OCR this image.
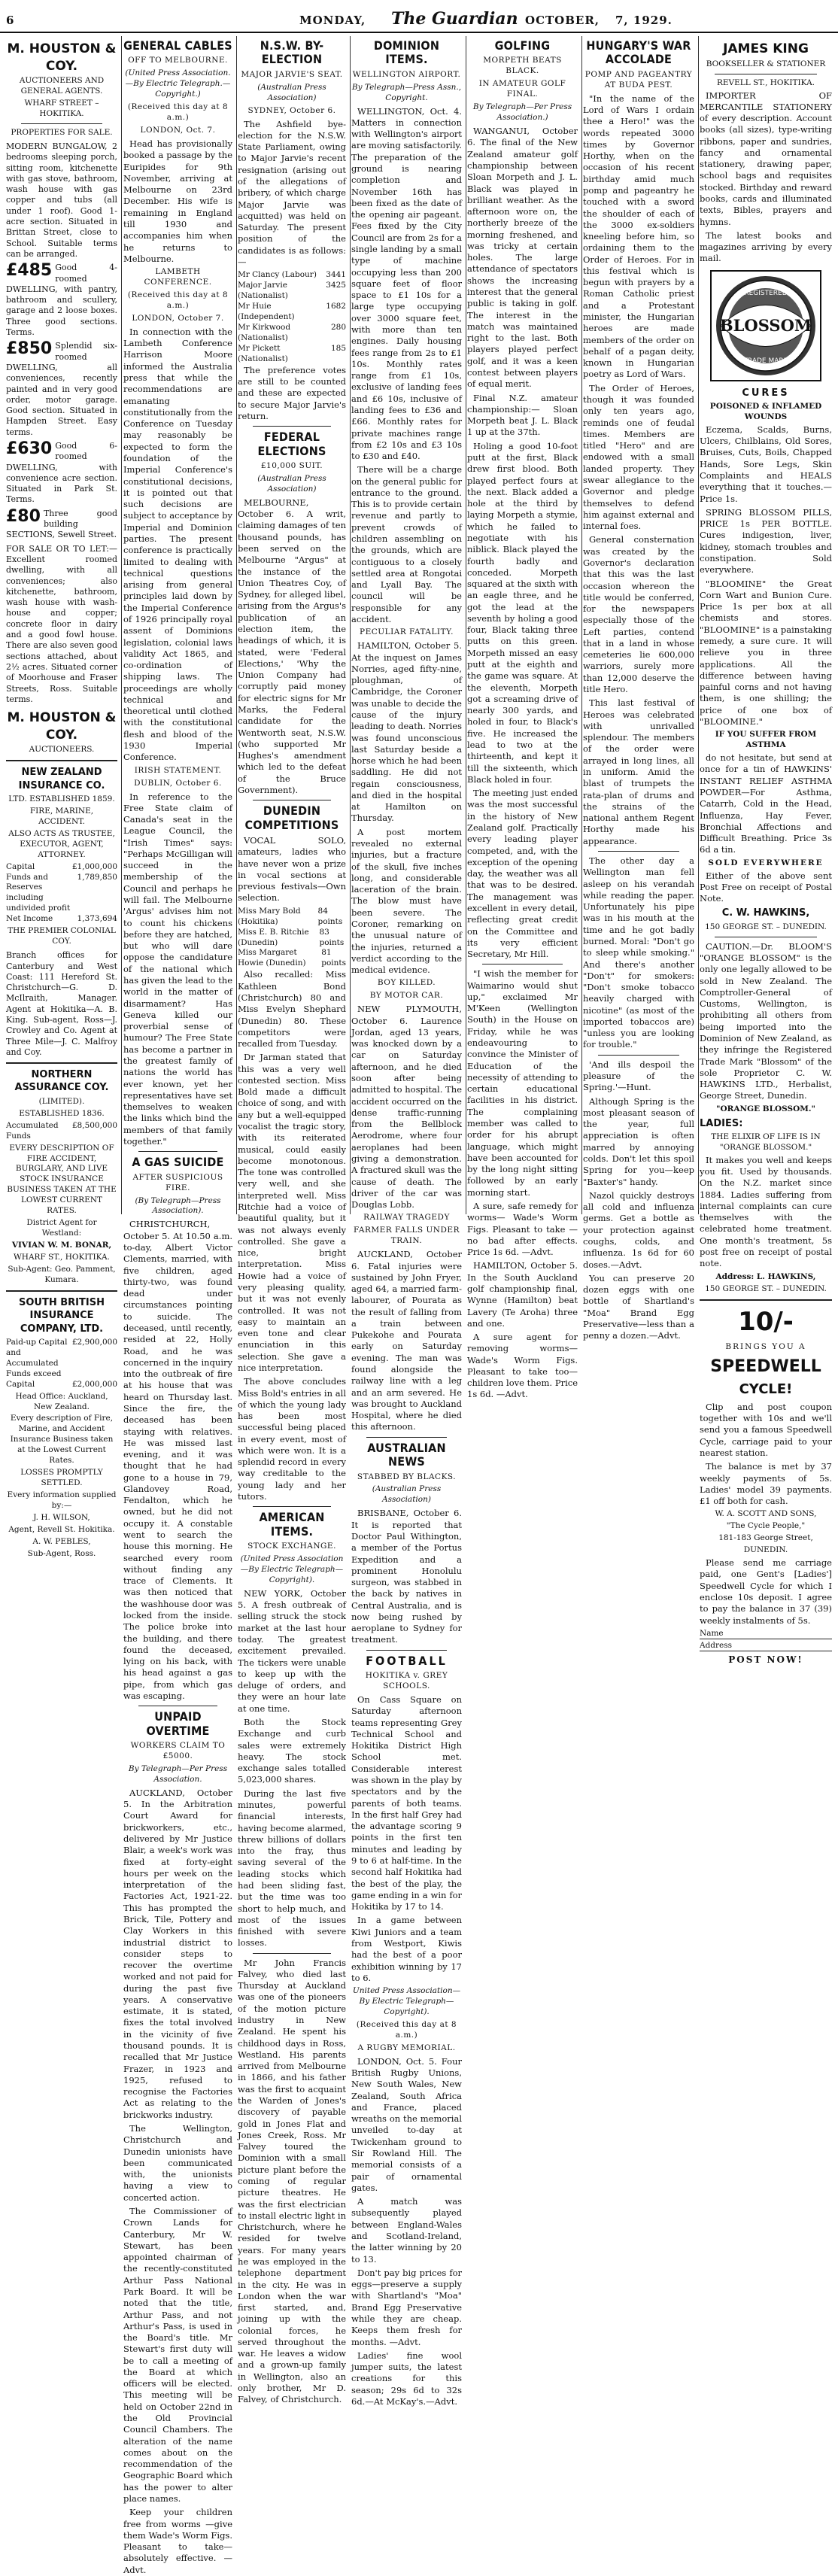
6	MONDAY, The Guardian OCTOBER, 7, 1929.
M. HOUSTON & COY.
AUCTIONEERS AND GENERAL AGENTS.
WHARF STREET – HOKITIKA.
PROPERTIES FOR SALE.
MODERN BUNGALOW, 2 bedrooms sleeping porch, sitting room, kitchenette with gas stove, bathroom, wash house with gas copper and tubs (all under 1 roof). Good 1-acre section. Situated in Brittan Street, close to School. Suitable terms can be arranged.
£485 Good 4-roomed DWELLING, with pantry, bathroom and scullery, garage and 2 loose boxes. Three good sections. Terms.
£850 Splendid six-roomed DWELLING, all conveniences, recently painted and in very good order, motor garage. Good section. Situated in Hampden Street. Easy terms.
£630 Good 6-roomed DWELLING, with convenience acre section. Situated in Park St. Terms.
£80 Three good building SECTIONS, Sewell Street.
FOR SALE OR TO LET:—Excellent roomed dwelling, with all conveniences; also kitchenette, bathroom, wash house with wash-house and copper; concrete floor in dairy and a good fowl house. There are also seven good sections attached, about 2½ acres. Situated corner of Moorhouse and Fraser Streets, Ross. Suitable terms.
M. HOUSTON & COY.
AUCTIONEERS.
NEW ZEALAND INSURANCE CO.
LTD. ESTABLISHED 1859.
FIRE, MARINE, ACCIDENT.
ALSO ACTS AS TRUSTEE, EXECUTOR, AGENT, ATTORNEY.
Capital	£1,000,000
Funds and Reserves including undivided profit
1,789,850
Net Income	1,373,694
THE PREMIER COLONIAL COY.
Branch offices for Canterbury and West Coast: 111 Hereford St. Christchurch—G. D. McIlraith, Manager. Agent at Hokitika—A. B. King. Sub-agent, Ross—J. Crowley and Co. Agent at Three Mile—J. C. Malfroy and Coy.
NORTHERN ASSURANCE COY.
(LIMITED).
ESTABLISHED 1836.
Accumulated Funds
£8,500,000
EVERY DESCRIPTION OF FIRE ACCIDENT, BURGLARY, AND LIVE STOCK INSURANCE BUSINESS TAKEN AT THE LOWEST CURRENT RATES.
District Agent for Westland:
VIVIAN W. M. BONAR,
WHARF ST., HOKITIKA.
Sub-Agent: Geo. Pamment, Kumara.
SOUTH BRITISH INSURANCE COMPANY, LTD.
Paid-up Capital and Accumulated Funds exceed
£2,900,000
Capital	£2,000,000
Head Office: Auckland, New Zealand.
Every description of Fire, Marine, and Accident Insurance Business taken at the Lowest Current Rates.
LOSSES PROMPTLY SETTLED.
Every information supplied by:—
J. H. WILSON,
Agent, Revell St. Hokitika.
A. W. PEBLES,
Sub-Agent, Ross.
GENERAL CABLES
OFF TO MELBOURNE.
(United Press Association.—By Electric Telegraph.—Copyright.)
(Received this day at 8 a.m.)
LONDON, Oct. 7.

Head has provisionally booked a passage by the Euripides for 9th November, arriving at Melbourne on 23rd December. His wife is remaining in England till 1930 and accompanies him when he returns to Melbourne.

LAMBETH CONFERENCE.
(Received this day at 8 a.m.)
LONDON, October 7.

In connection with the Lambeth Conference Harrison Moore informed the Australia press that while the recommendations are emanating constitutionally from the Conference on Tuesday may reasonably be expected to form the foundation of the Imperial Conference's constitutional decisions, it is pointed out that such decisions are subject to acceptance by Imperial and Dominion parties. The present conference is practically limited to dealing with technical questions arising from general principles laid down by the Imperial Conference of 1926 principally royal assent of Dominions legislation, colonial laws validity Act 1865, and co-ordination of shipping laws. The proceedings are wholly technical and theoretical until clothed with the constitutional flesh and blood of the 1930 Imperial Conference.

IRISH STATEMENT.
DUBLIN, October 6.

In reference to the Free State claim of Canada's seat in the League Council, the "Irish Times" says: "Perhaps McGilligan will succeed in the membership of the Council and perhaps he will fail. The Melbourne 'Argus' advises him not to count his chickens before they are hatched, but who will dare oppose the candidature of the national which has given the lead to the world in the matter of disarmament? Has Geneva killed our proverbial sense of humour? The Free State has become a partner in the greatest family of nations the world has ever known, yet her representatives have set themselves to weaken the links which bind the members of that family together."

A GAS SUICIDE
AFTER SUSPICIOUS FIRE.
(By Telegraph—Press Association).

CHRISTCHURCH, October 5. At 10.50 a.m. to-day, Albert Victor Clements, married, with five children, aged thirty-two, was found dead under circumstances pointing to suicide. The deceased, until recently, resided at 22, Holly Road, and he was concerned in the inquiry into the outbreak of fire at his house that was heard on Thursday last. Since the fire, the deceased has been staying with relatives. He was missed last evening, and it was thought that he had gone to a house in 79, Glandovey Road, Fendalton, which he owned, but he did not occupy it. A constable went to search the house this morning. He searched every room without finding any trace of Clements. It was then noticed that the washhouse door was locked from the inside. The police broke into the building, and there found the deceased, lying on his back, with his head against a gas pipe, from which gas was escaping.

UNPAID OVERTIME
WORKERS CLAIM TO £5000.
By Telegraph—Per Press Association.

AUCKLAND, October 5. In the Arbitration Court Award for brickworkers, etc., delivered by Mr Justice Blair, a week's work was fixed at forty-eight hours per week on the interpretation of the Factories Act, 1921-22. This has prompted the Brick, Tile, Pottery and Clay Workers in this industrial district to consider steps to recover the overtime worked and not paid for during the past five years. A conservative estimate, it is stated, fixes the total involved in the vicinity of five thousand pounds. It is recalled that Mr Justice Frazer, in 1923 and 1925, refused to recognise the Factories Act as relating to the brickworks industry.

The Wellington, Christchurch and Dunedin unionists have been communicated with, the unionists having a view to concerted action.

The Commissioner of Crown Lands for Canterbury, Mr W. Stewart, has been appointed chairman of the recently-constituted Arthur Pass National Park Board. It will be noted that the title, Arthur Pass, and not Arthur's Pass, is used in the Board's title. Mr Stewart's first duty will be to call a meeting of the Board at which officers will be elected. This meeting will be held on October 22nd in the Old Provincial Council Chambers. The alteration of the name comes about on the recommendation of the Geographic Board which has the power to alter place names.

Keep your children free from worms —give them Wade's Worm Figs. Pleasant to take—absolutely effective. —Advt.

N.S.W. BY-ELECTION
MAJOR JARVIE'S SEAT.
(Australian Press Association)
SYDNEY, October 6.

The Ashfield bye-election for the N.S.W. State Parliament, owing to Major Jarvie's recent resignation (arising out of the allegations of bribery, of which charge Major Jarvie was acquitted) was held on Saturday. The present position of the candidates is as follows:—

Mr Clancy (Labour) 3441
Major Jarvie (Nationalist)
3425
Mr Huie (Independent)
1682
Mr Kirkwood (Nationalist)
280
Mr Pickett (Nationalist)
185

The preference votes are still to be counted and these are expected to secure Major Jarvie's return.

FEDERAL ELECTIONS
£10,000 SUIT.
(Australian Press Association)

MELBOURNE, October 6. A writ, claiming damages of ten thousand pounds, has been served on the Melbourne "Argus" at the instance of the Union Theatres Coy, of Sydney, for alleged libel, arising from the Argus's publication of an election item, the headings of which, it is stated, were 'Federal Elections,' 'Why the Union Company had corruptly paid money for electric signs for Mr Marks, the Federal candidate for the Wentworth seat, N.S.W. (who supported Mr Hughes's amendment which led to the defeat of the Bruce Government).

DUNEDIN COMPETITIONS

VOCAL SOLO, amateurs, ladies who have never won a prize in vocal sections at previous festivals—Own selection.

Miss Mary Bold (Hokitika)
84 points
Miss E. B. Ritchie (Dunedin)
83 points
Miss Margaret Howie (Dunedin)
81 points

Also recalled: Miss Kathleen Bond (Christchurch) 80 and Miss Evelyn Shephard (Dunedin) 80. These competitors were recalled from Tuesday.

Dr Jarman stated that this was a very well contested section. Miss Bold made a difficult choice of song, and with any but a well-equipped vocalist the tragic story, with its reiterated musical, could easily become monotonous. The tone was controlled very well, and she interpreted well. Miss Ritchie had a voice of beautiful quality, but it was not always evenly controlled. She gave a nice, bright interpretation. Miss Howie had a voice of very pleasing quality, but it was not evenly controlled. It was not easy to maintain an even tone and clear enunciation in this selection. She gave a nice interpretation.

The above concludes Miss Bold's entries in all of which the young lady has been most successful being placed in every event, most of which were won. It is a splendid record in every way creditable to the young lady and her tutors.

AMERICAN ITEMS.
STOCK EXCHANGE.
(United Press Association—By Electric Telegraph—Copyright).

NEW YORK, October 5. A fresh outbreak of selling struck the stock market at the last hour today. The greatest excitement prevailed. The tickers were unable to keep up with the deluge of orders, and they were an hour late at one time.

Both the Stock Exchange and curb sales were extremely heavy. The stock exchange sales totalled 5,023,000 shares.

During the last five minutes, powerful financial interests, having become alarmed, threw billions of dollars into the fray, thus saving several of the leading stocks which had been sliding fast, but the time was too short to help much, and most of the issues finished with severe losses.

Mr John Francis Falvey, who died last Thursday at Auckland was one of the pioneers of the motion picture industry in New Zealand. He spent his childhood days in Ross, Westland. His parents arrived from Melbourne in 1866, and his father was the first to acquaint the Warden of Jones's discovery of payable gold in Jones Flat and Jones Creek, Ross. Mr Falvey toured the Dominion with a small picture plant before the coming of regular picture theatres. He was the first electrician to install electric light in Christchurch, where he resided for twelve years. For many years he was employed in the telephone department in the city. He was in London when the war first started, and, joining up with the colonial forces, he served throughout the war. He leaves a widow and a grown-up family in Wellington, also an only brother, Mr D. Falvey, of Christchurch.

DOMINION ITEMS.
WELLINGTON AIRPORT.
By Telegraph—Press Assn., Copyright.

WELLINGTON, Oct. 4. Matters in connection with Wellington's airport are moving satisfactorily. The preparation of the ground is nearing completion and November 16th has been fixed as the date of the opening air pageant. Fees fixed by the City Council are from 2s for a single landing by a small type of machine occupying less than 200 square feet of floor space to £1 10s for a large type occupying over 3000 square feet, with more than ten engines. Daily housing fees range from 2s to £1 10s. Monthly rates range from £1 10s, exclusive of landing fees and £6 10s, inclusive of landing fees to £36 and £66. Monthly rates for private machines range from £2 10s and £3 10s to £30 and £40.

There will be a charge on the general public for entrance to the ground. This is to provide certain revenue and partly to prevent crowds of children assembling on the grounds, which are contiguous to a closely settled area at Rongotai and Lyall Bay. The council will be responsible for any accident.

PECULIAR FATALITY.

HAMILTON, October 5. At the inquest on James Norries, aged fifty-nine, ploughman, of Cambridge, the Coroner was unable to decide the cause of the injury leading to death. Norries was found unconscious last Saturday beside a horse which he had been saddling. He did not regain consciousness, and died in the hospital at Hamilton on Thursday.

A post mortem revealed no external injuries, but a fracture of the skull, five inches long, and considerable laceration of the brain. The blow must have been severe. The Coroner, remarking on the unusual nature of the injuries, returned a verdict according to the medical evidence.

BOY KILLED.
BY MOTOR CAR.

NEW PLYMOUTH, October 6. Laurence Jordan, aged 13 years, was knocked down by a car on Saturday afternoon, and he died soon after being admitted to hospital. The accident occurred on the dense traffic-running from the Bellblock Aerodrome, where four aeroplanes had been giving a demonstration. A fractured skull was the cause of death. The driver of the car was Douglas Lobb.

RAILWAY TRAGEDY
FARMER FALLS UNDER TRAIN.

AUCKLAND, October 6. Fatal injuries were sustained by John Fryer, aged 64, a married farm-labourer, of Pourata as the result of falling from a train between Pukekohe and Pourata early on Saturday evening. The man was found alongside the railway line with a leg and an arm severed. He was brought to Auckland Hospital, where he died this afternoon.

AUSTRALIAN NEWS
STABBED BY BLACKS.
(Australian Press Association)

BRISBANE, October 6. It is reported that Doctor Paul Withington, a member of the Portus Expedition and a prominent Honolulu surgeon, was stabbed in the back by natives in Central Australia, and is now being rushed by aeroplane to Sydney for treatment.

FOOTBALL
HOKITIKA v. GREY SCHOOLS.

On Cass Square on Saturday afternoon teams representing Grey Technical School and Hokitika District High School met. Considerable interest was shown in the play by spectators and by the parents of both teams. In the first half Grey had the advantage scoring 9 points in the first ten minutes and leading by 9 to 6 at half-time. In the second half Hokitika had the best of the play, the game ending in a win for Hokitika by 17 to 14.

In a game between Kiwi Juniors and a team from Westport, Kiwis had the best of a poor exhibition winning by 17 to 6.

United Press Association—By Electric Telegraph—Copyright).
(Received this day at 8 a.m.)
A RUGBY MEMORIAL.

LONDON, Oct. 5. Four British Rugby Unions, New South Wales, New Zealand, South Africa and France, placed wreaths on the memorial unveiled to-day at Twickenham ground to Sir Rowland Hill. The memorial consists of a pair of ornamental gates.

A match was subsequently played between England-Wales and Scotland-Ireland, the latter winning by 20 to 13.

Don't pay big prices for eggs—preserve a supply with Shartland's "Moa" Brand Egg Preservative while they are cheap. Keeps them fresh for months. —Advt.

Ladies' fine wool jumper suits, the latest creations for this season; 29s 6d to 32s 6d.—At McKay's.—Advt.

GOLFING
MORPETH BEATS BLACK.
IN AMATEUR GOLF FINAL.
By Telegraph—Per Press Association.)

WANGANUI, October 6. The final of the New Zealand amateur golf championship between Sloan Morpeth and J. L. Black was played in brilliant weather. As the afternoon wore on, the northerly breeze of the morning freshened, and was tricky at certain holes. The large attendance of spectators shows the increasing interest that the general public is taking in golf. The interest in the match was maintained right to the last. Both players played perfect golf, and it was a keen contest between players of equal merit.

Final N.Z. amateur championship:— Sloan Morpeth beat J. L. Black 1 up at the 37th.

Holing a good 10-foot putt at the first, Black drew first blood. Both played perfect fours at the next. Black added a hole at the third by laying Morpeth a stymie, which he failed to negotiate with his niblick. Black played the fourth badly and conceded. Morpeth squared at the sixth with an eagle three, and he got the lead at the seventh by holing a good four, Black taking three putts on this green. Morpeth missed an easy putt at the eighth and the game was square. At the eleventh, Morpeth got a screaming drive of nearly 300 yards, and holed in four, to Black's five. He increased the lead to two at the thirteenth, and kept it till the sixteenth, which Black holed in four.

The meeting just ended was the most successful in the history of New Zealand golf. Practically every leading player competed, and, with the exception of the opening day, the weather was all that was to be desired. The management was excellent in every detail, reflecting great credit on the Committee and its very efficient Secretary, Mr Hill.

"I wish the member for Waimarino would shut up," exclaimed Mr M'Keen (Wellington South) in the House on Friday, while he was endeavouring to convince the Minister of Education of the necessity of attending to certain educational facilities in his district. The complaining member was called to order for his abrupt language, which might have been accounted for by the long night sitting followed by an early morning start.

A sure, safe remedy for worms— Wade's Worm Figs. Pleasant to take —no bad after effects. Price 1s 6d. —Advt.

HAMILTON, October 5. In the South Auckland golf championship final, Wynne (Hamilton) beat Lavery (Te Aroha) three and one.

A sure agent for removing worms— Wade's Worm Figs. Pleasant to take too—children love them. Price 1s 6d. —Advt.

HUNGARY'S WAR ACCOLADE
POMP AND PAGEANTRY AT BUDA PEST.

"In the name of the Lord of Wars I ordain thee a Hero!" was the words repeated 3000 times by Governor Horthy, when on the occasion of his recent birthday amid much pomp and pageantry he touched with a sword the shoulder of each of the 3000 ex-soldiers kneeling before him, so ordaining them to the Order of Heroes. For in this festival which is begun with prayers by a Roman Catholic priest and a Protestant minister, the Hungarian heroes are made members of the order on behalf of a pagan deity, known in Hungarian poetry as Lord of Wars.

The Order of Heroes, though it was founded only ten years ago, reminds one of feudal times. Members are titled "Hero" and are endowed with a small landed property. They swear allegiance to the Governor and pledge themselves to defend him against external and internal foes.

General consternation was created by the Governor's declaration that this was the last occasion whereon the title would be conferred, for the newspapers especially those of the Left parties, contend that in a land in whose cemeteries lie 600,000 warriors, surely more than 12,000 deserve the title Hero.

This last festival of Heroes was celebrated with unrivalled splendour. The members of the order were arrayed in long lines, all in uniform. Amid the blast of trumpets the rata-plan of drums and the strains of the national anthem Regent Horthy made his appearance.

The other day a Wellington man fell asleep on his verandah while reading the paper. Unfortunately his pipe was in his mouth at the time and he got badly burned. Moral: "Don't go to sleep while smoking." And there's another "Don't" for smokers: "Don't smoke tobacco heavily charged with nicotine" (as most of the imported tobaccos are) "unless you are looking for trouble."

'And ills despoil the pleasure of the Spring.'—Hunt.

Although Spring is the most pleasant season of the year, full appreciation is often marred by annoying colds. Don't let this spoil Spring for you—keep "Baxter's" handy.

Nazol quickly destroys all cold and influenza germs. Get a bottle as your protection against coughs, colds, and influenza. 1s 6d for 60 doses.—Advt.

You can preserve 20 dozen eggs with one bottle of Shartland's "Moa" Brand Egg Preservative—less than a penny a dozen.—Advt.

JAMES KING
BOOKSELLER & STATIONER
REVELL ST., HOKITIKA.

IMPORTER OF MERCANTILE STATIONERY of every description. Account books (all sizes), type-writing ribbons, paper and sundries, fancy and ornamental stationery, drawing paper, school bags and requisites stocked. Birthday and reward books, cards and illuminated texts, Bibles, prayers and hymns.

The latest books and magazines arriving by every mail.

BLOSSOM
REGISTERED
TRADE MARK
CURES
POISONED & INFLAMED WOUNDS

Eczema, Scalds, Burns, Ulcers, Chilblains, Old Sores, Bruises, Cuts, Boils, Chapped Hands, Sore Legs, Skin Complaints and HEALS everything that it touches.—Price 1s.

SPRING BLOSSOM PILLS, PRICE 1s PER BOTTLE. Cures indigestion, liver, kidney, stomach troubles and constipation. Sold everywhere.

"BLOOMINE" the Great Corn Wart and Bunion Cure. Price 1s per box at all chemists and stores. "BLOOMINE" is a painstaking remedy, a sure cure. It will relieve you in three applications. All the difference between having painful corns and not having them, is one shilling; the price of one box of "BLOOMINE."

IF YOU SUFFER FROM ASTHMA

do not hesitate, but send at once for a tin of HAWKINS' INSTANT RELIEF ASTHMA POWDER—For Asthma, Catarrh, Cold in the Head, Influenza, Hay Fever, Bronchial Affections and Difficult Breathing. Price 3s 6d a tin.

SOLD EVERYWHERE

Either of the above sent Post Free on receipt of Postal Note.

C. W. HAWKINS,
150 GEORGE ST. – DUNEDIN.

CAUTION.—Dr. BLOOM'S "ORANGE BLOSSOM" is the only one legally allowed to be sold in New Zealand. The Comptroller-General of Customs, Wellington, is prohibiting all others from being imported into the Dominion of New Zealand, as they infringe the Registered Trade Mark "Blossom" of the sole Proprietor C. W. HAWKINS LTD., Herbalist, George Street, Dunedin.

"ORANGE BLOSSOM."
LADIES:
THE ELIXIR OF LIFE IS IN "ORANGE BLOSSOM."

It makes you well and keeps you fit. Used by thousands. On the N.Z. market since 1884. Ladies suffering from internal complaints can cure themselves with the celebrated home treatment. One month's treatment, 5s post free on receipt of postal note.

Address: L. HAWKINS,
150 GEORGE ST. – DUNEDIN.
10/-
BRINGS YOU A
SPEEDWELL
CYCLE!

Clip and post coupon together with 10s and we'll send you a famous Speedwell Cycle, carriage paid to your nearest station.

The balance is met by 37 weekly payments of 5s. Ladies' model 39 payments. £1 off both for cash.

W. A. SCOTT AND SONS,
"The Cycle People,"
181-183 George Street,
DUNEDIN.

Please send me carriage paid, one Gent's [Ladies'] Speedwell Cycle for which I enclose 10s deposit. I agree to pay the balance in 37 (39) weekly instalments of 5s.

Name
Address
POST NOW!
